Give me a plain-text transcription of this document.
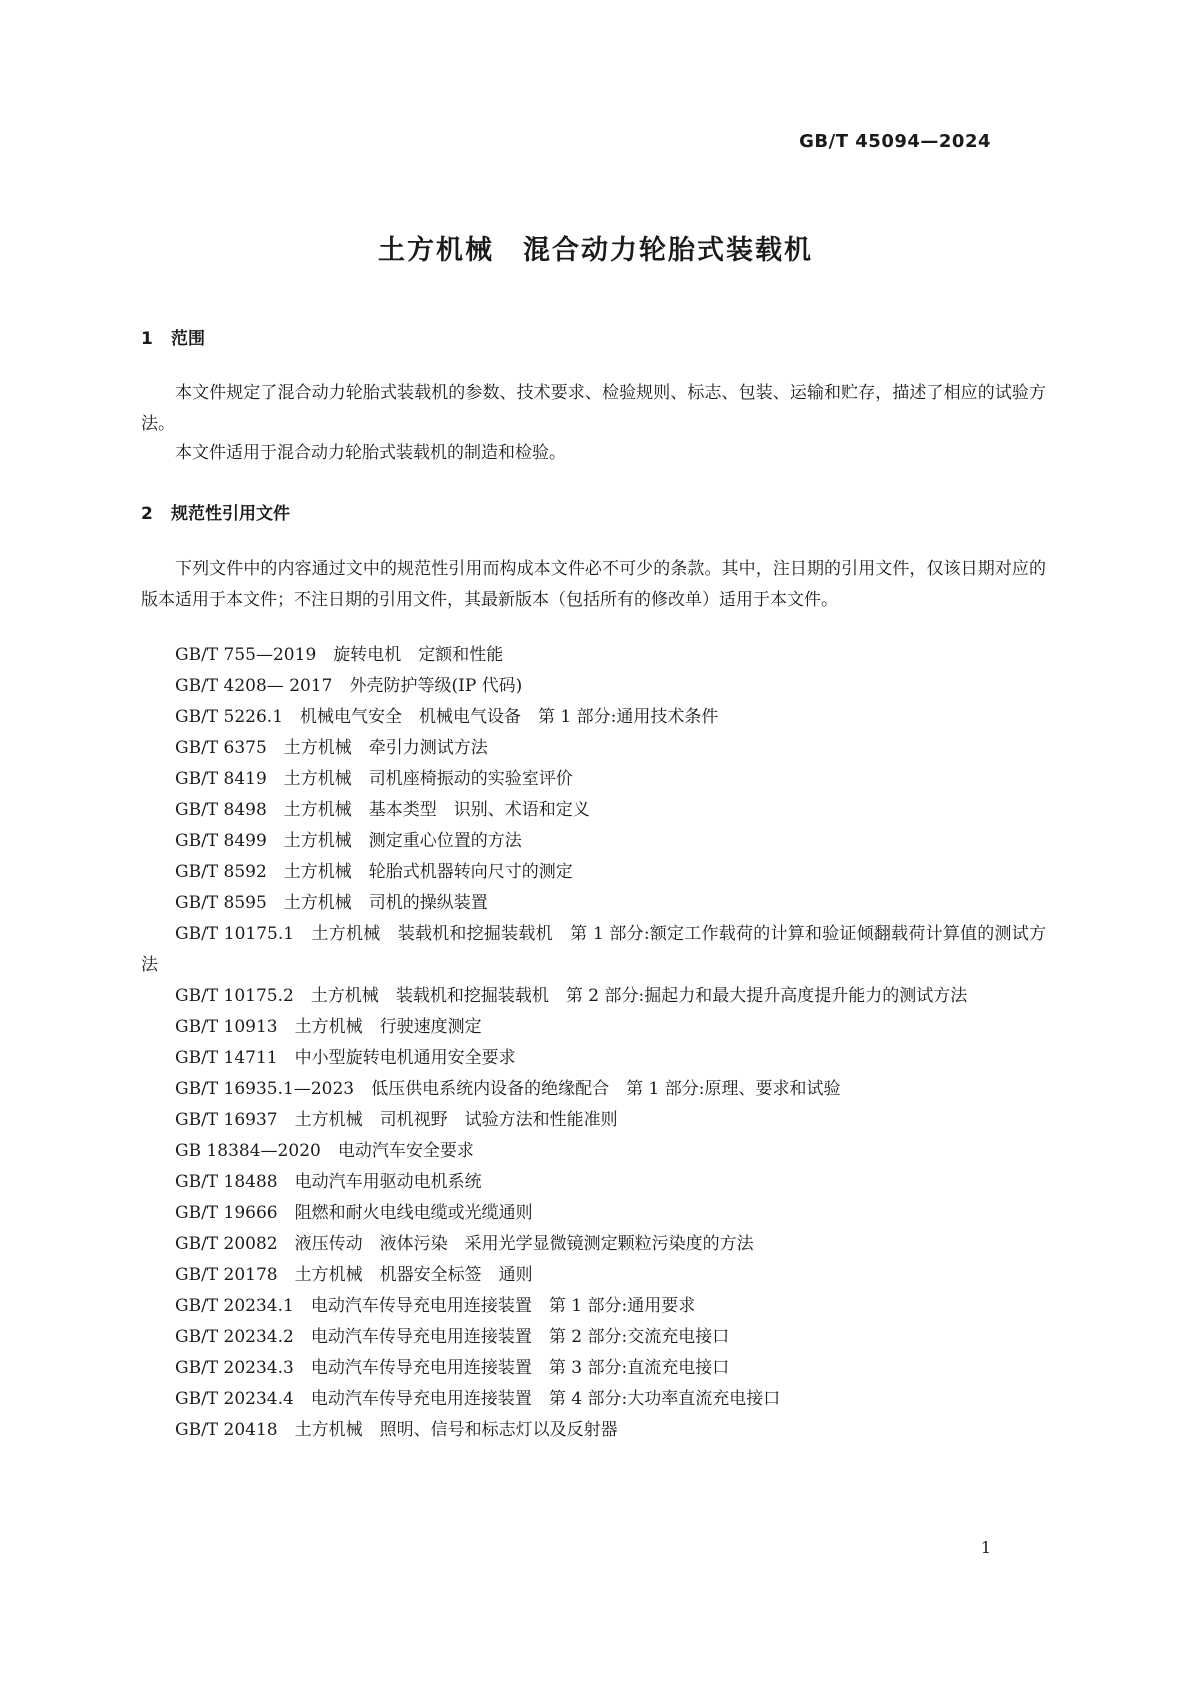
GB/T 45094—2024
土方机械　混合动力轮胎式装载机
1 范围
本文件规定了混合动力轮胎式装载机的参数、技术要求、检验规则、标志、包装、运输和贮存，描述了相应的试验方法。
本文件适用于混合动力轮胎式装载机的制造和检验。
2 规范性引用文件
下列文件中的内容通过文中的规范性引用而构成本文件必不可少的条款。其中，注日期的引用文件，仅该日期对应的版本适用于本文件；不注日期的引用文件，其最新版本（包括所有的修改单）适用于本文件。
GB/T 755—2019　旋转电机　定额和性能
GB/T 4208— 2017　外壳防护等级(IP 代码)
GB/T 5226.1　机械电气安全　机械电气设备　第 1 部分:通用技术条件
GB/T 6375　土方机械　牵引力测试方法
GB/T 8419　土方机械　司机座椅振动的实验室评价
GB/T 8498　土方机械　基本类型　识别、术语和定义
GB/T 8499　土方机械　测定重心位置的方法
GB/T 8592　土方机械　轮胎式机器转向尺寸的测定
GB/T 8595　土方机械　司机的操纵装置
GB/T 10175.1　土方机械　装载机和挖掘装载机　第 1 部分:额定工作载荷的计算和验证倾翻载荷计算值的测试方法
GB/T 10175.2　土方机械　装载机和挖掘装载机　第 2 部分:掘起力和最大提升高度提升能力的测试方法
GB/T 10913　土方机械　行驶速度测定
GB/T 14711　中小型旋转电机通用安全要求
GB/T 16935.1—2023　低压供电系统内设备的绝缘配合　第 1 部分:原理、要求和试验
GB/T 16937　土方机械　司机视野　试验方法和性能准则
GB 18384—2020　电动汽车安全要求
GB/T 18488　电动汽车用驱动电机系统
GB/T 19666　阻燃和耐火电线电缆或光缆通则
GB/T 20082　液压传动　液体污染　采用光学显微镜测定颗粒污染度的方法
GB/T 20178　土方机械　机器安全标签　通则
GB/T 20234.1　电动汽车传导充电用连接装置　第 1 部分:通用要求
GB/T 20234.2　电动汽车传导充电用连接装置　第 2 部分:交流充电接口
GB/T 20234.3　电动汽车传导充电用连接装置　第 3 部分:直流充电接口
GB/T 20234.4　电动汽车传导充电用连接装置　第 4 部分:大功率直流充电接口
GB/T 20418　土方机械　照明、信号和标志灯以及反射器
1
